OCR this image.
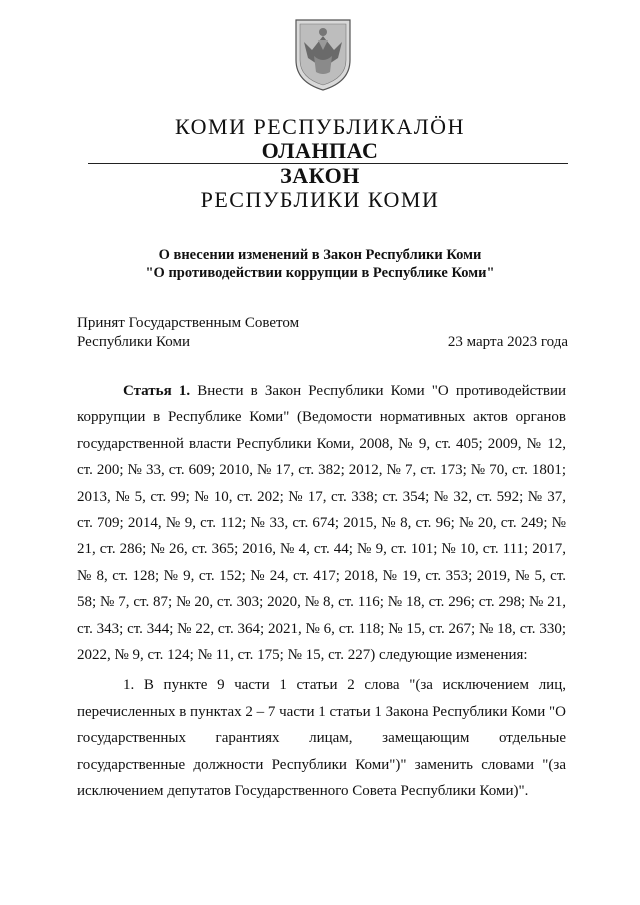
КОМИ РЕСПУБЛИКАЛÖН
ОЛАНПАС
ЗАКОН
РЕСПУБЛИКИ КОМИ
О внесении изменений в Закон Республики Коми
"О противодействии коррупции в Республике Коми"
Принят Государственным Советом
Республики Коми	23 марта 2023 года

Статья 1. Внести в Закон Республики Коми "О противодействии коррупции в Республике Коми" (Ведомости нормативных актов органов государственной власти Республики Коми, 2008, № 9, ст. 405; 2009, № 12, ст. 200; № 33, ст. 609; 2010, № 17, ст. 382; 2012, № 7, ст. 173; № 70, ст. 1801; 2013, № 5, ст. 99; № 10, ст. 202; № 17, ст. 338; ст. 354; № 32, ст. 592; № 37, ст. 709; 2014, № 9, ст. 112; № 33, ст. 674; 2015, № 8, ст. 96; № 20, ст. 249; № 21, ст. 286; № 26, ст. 365; 2016, № 4, ст. 44; № 9, ст. 101; № 10, ст. 111; 2017, № 8, ст. 128; № 9, ст. 152; № 24, ст. 417; 2018, № 19, ст. 353; 2019, № 5, ст. 58; № 7, ст. 87; № 20, ст. 303; 2020, № 8, ст. 116; № 18, ст. 296; ст. 298; № 21, ст. 343; ст. 344; № 22, ст. 364; 2021, № 6, ст. 118; № 15, ст. 267; № 18, ст. 330; 2022, № 9, ст. 124; № 11, ст. 175; № 15, ст. 227) следующие изменения:

1. В пункте 9 части 1 статьи 2 слова "(за исключением лиц, перечисленных в пунктах 2 – 7 части 1 статьи 1 Закона Республики Коми "О государственных гарантиях лицам, замещающим отдельные государственные должности Республики Коми")" заменить словами "(за исключением депутатов Государственного Совета Республики Коми)".
